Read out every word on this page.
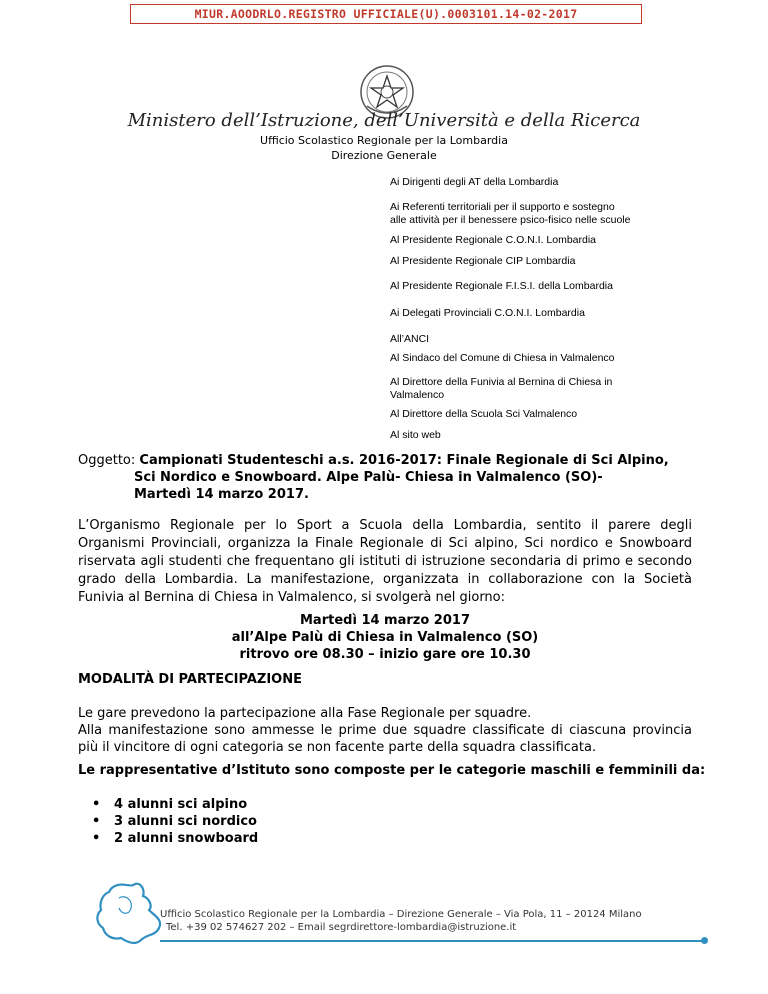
MIUR.AOODRLO.REGISTRO UFFICIALE(U).0003101.14-02-2017
Ministero dell’Istruzione, dell’Università e della Ricerca
Ufficio Scolastico Regionale per la Lombardia
Direzione Generale
Ai Dirigenti degli AT della Lombardia
Ai Referenti territoriali per il supporto e sostegno
alle attività per il benessere psico-fisico nelle scuole
Al Presidente Regionale C.O.N.I. Lombardia
Al Presidente Regionale CIP Lombardia
Al Presidente Regionale F.I.S.I. della Lombardia
Ai Delegati Provinciali C.O.N.I. Lombardia
All’ANCI
Al Sindaco del Comune di Chiesa in Valmalenco
Al Direttore della Funivia al Bernina di Chiesa in
Valmalenco
Al Direttore della Scuola Sci Valmalenco
Al sito web
Oggetto: Campionati Studenteschi a.s. 2016-2017: Finale Regionale di Sci Alpino,
Sci Nordico e Snowboard. Alpe Palù- Chiesa in Valmalenco (SO)-
Martedì 14 marzo 2017.
L’Organismo Regionale per lo Sport a Scuola della Lombardia, sentito il parere degli Organismi Provinciali, organizza la Finale Regionale di Sci alpino, Sci nordico e Snowboard riservata agli studenti che frequentano gli istituti di istruzione secondaria di primo e secondo grado della Lombardia. La manifestazione, organizzata in collaborazione con la Società Funivia al Bernina di Chiesa in Valmalenco, si svolgerà nel giorno:
Martedì 14 marzo 2017
all’Alpe Palù di Chiesa in Valmalenco (SO)
ritrovo ore 08.30 – inizio gare ore 10.30
MODALITÀ DI PARTECIPAZIONE
Le gare prevedono la partecipazione alla Fase Regionale per squadre.
Alla manifestazione sono ammesse le prime due squadre classificate di ciascuna provincia più il vincitore di ogni categoria se non facente parte della squadra classificata.
Le rappresentative d’Istituto sono composte per le categorie maschili e femminili da:
• 4 alunni sci alpino
• 3 alunni sci nordico
• 2 alunni snowboard
Ufficio Scolastico Regionale per la Lombardia – Direzione Generale – Via Pola, 11 – 20124 Milano
Tel. +39 02 574627 202 – Email segrdirettore-lombardia@istruzione.it
